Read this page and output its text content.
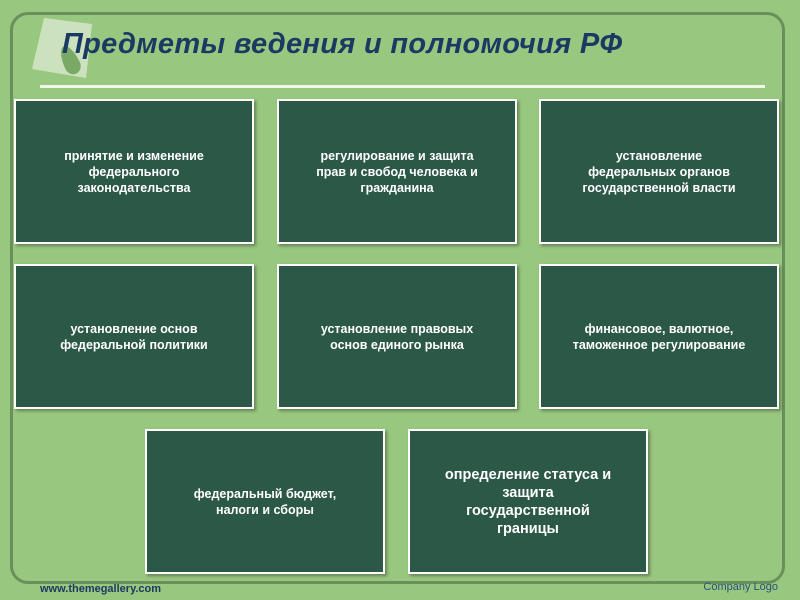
Предметы ведения и полномочия РФ
принятие и изменение
федерального
законодательства
регулирование и защита
прав и свобод человека и
гражданина
установление
федеральных органов
государственной власти
установление основ
федеральной политики
установление правовых
основ единого рынка
финансовое, валютное,
таможенное регулирование
федеральный бюджет,
налоги и сборы
определение статуса и
защита
государственной
границы
www.themegallery.com	Company Logo
